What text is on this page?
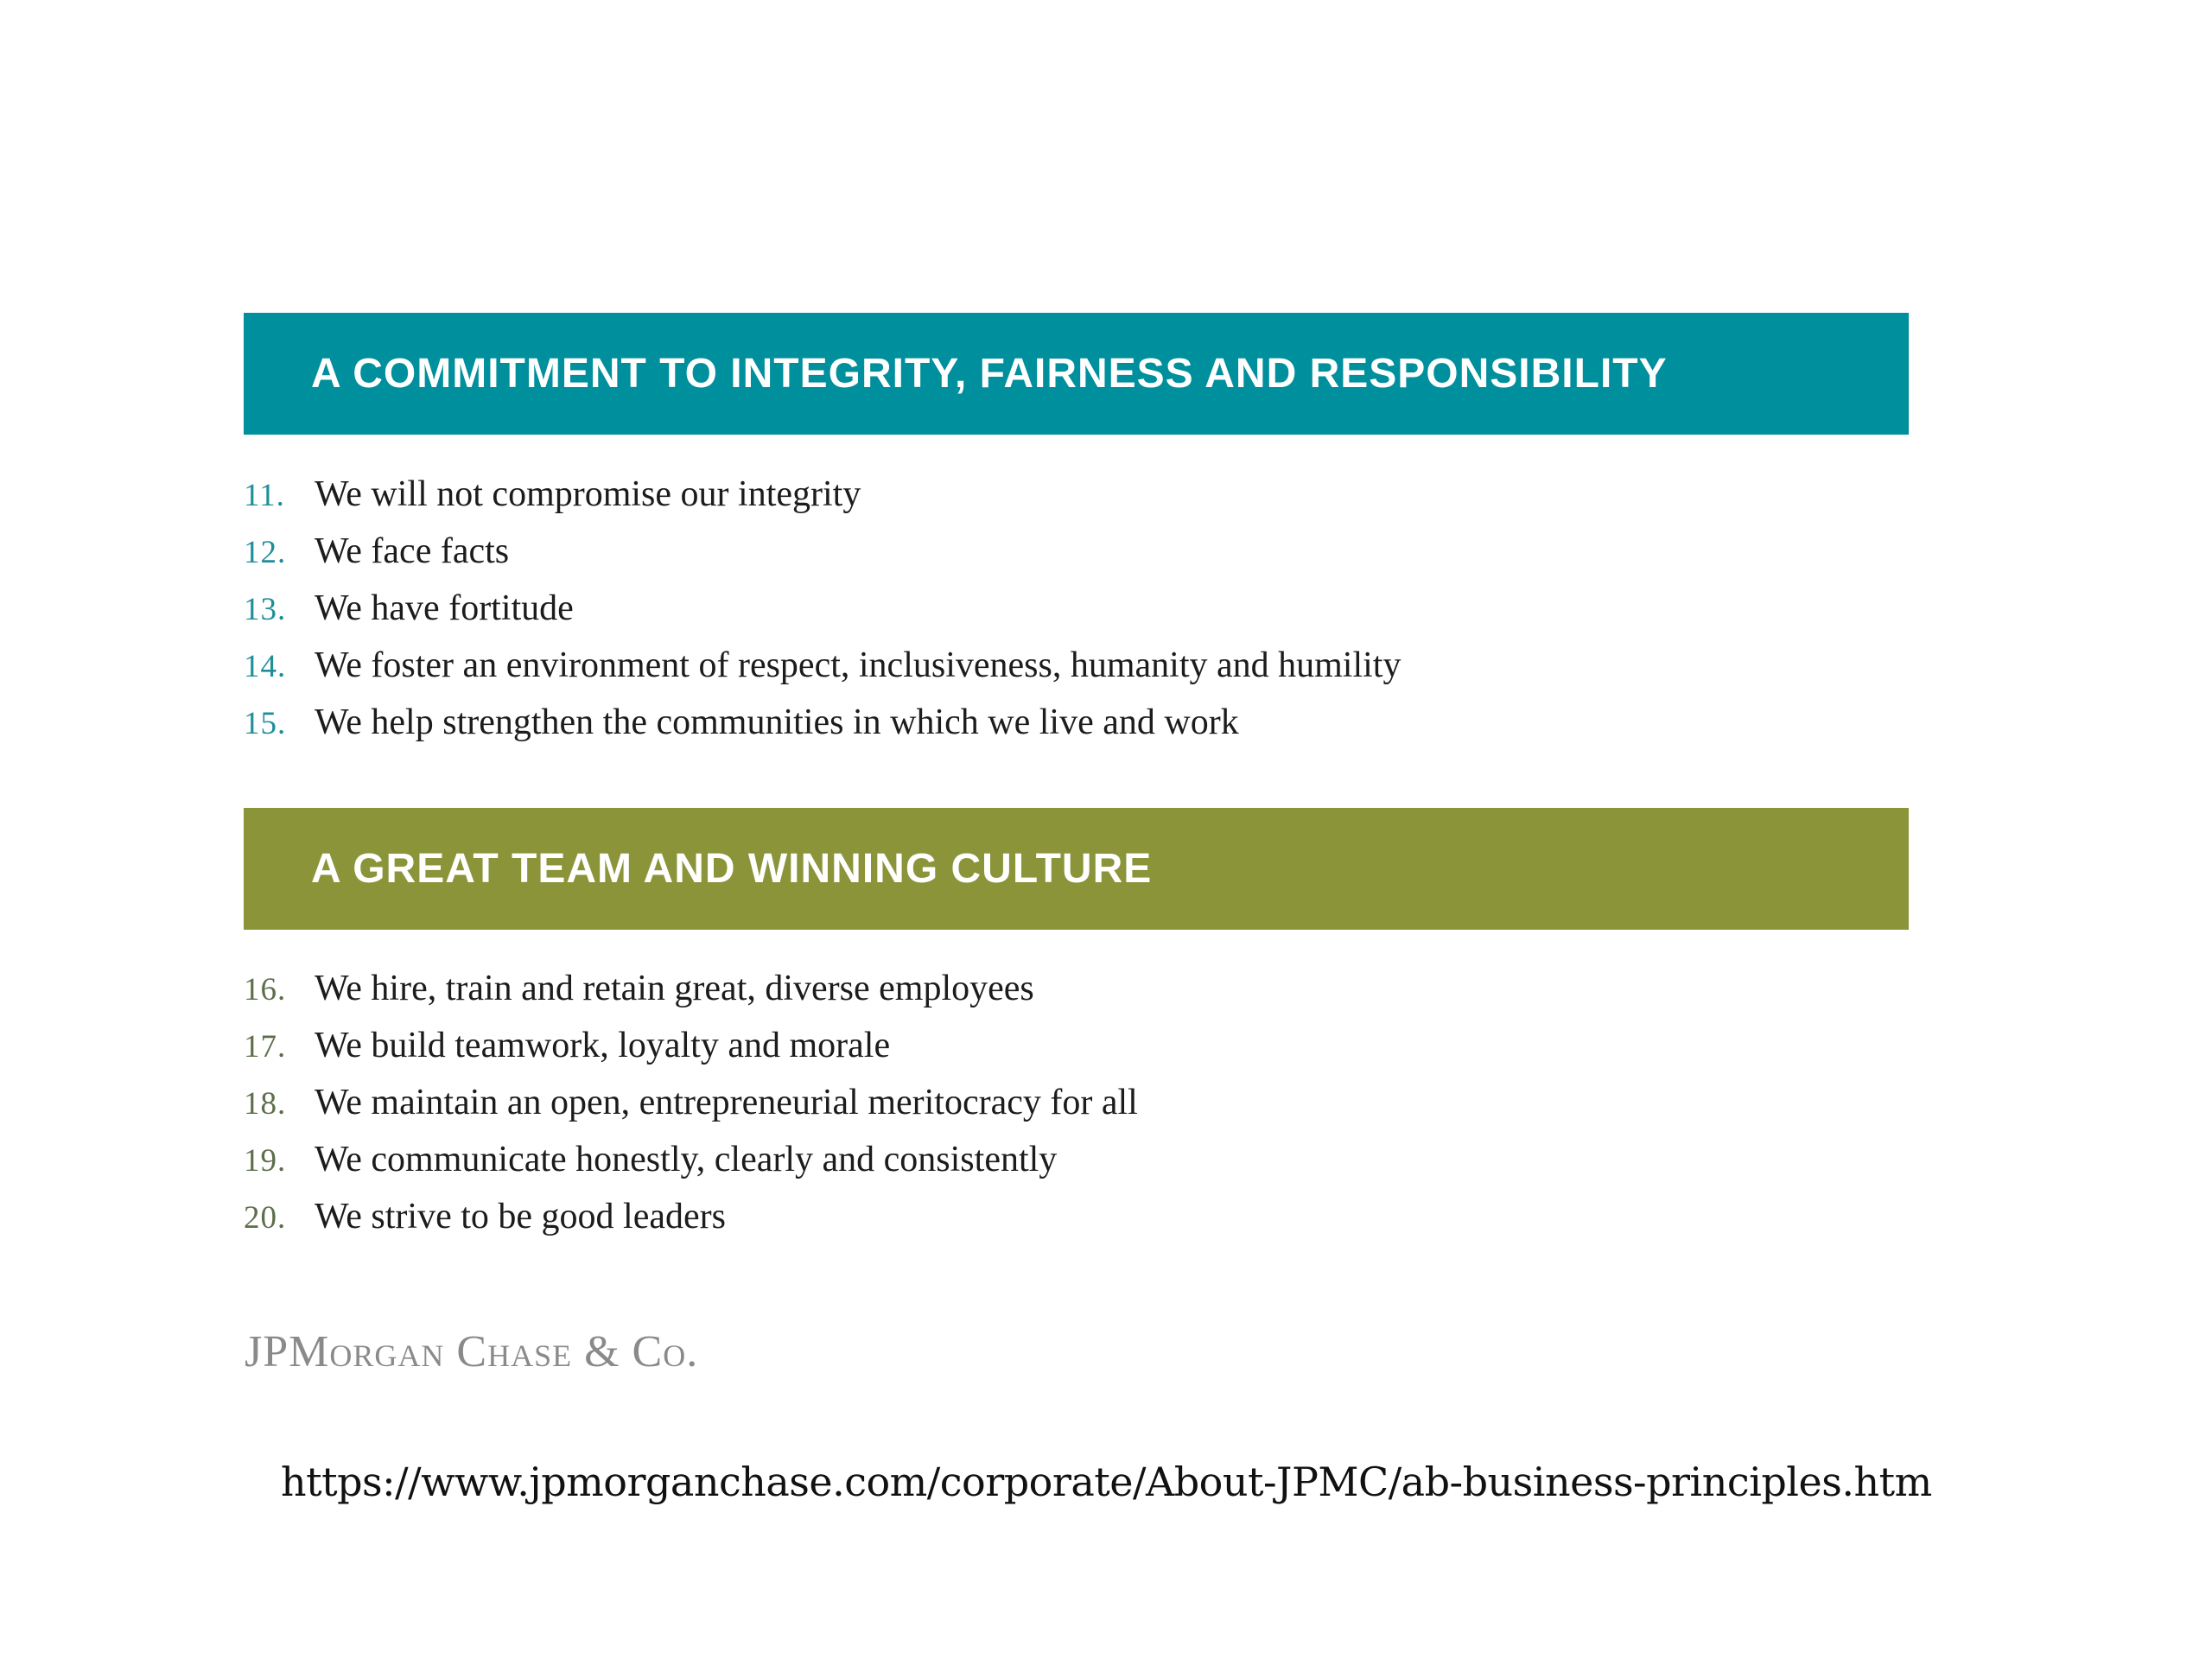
A COMMITMENT TO INTEGRITY, FAIRNESS AND RESPONSIBILITY
11. We will not compromise our integrity
12. We face facts
13. We have fortitude
14. We foster an environment of respect, inclusiveness, humanity and humility
15. We help strengthen the communities in which we live and work
A GREAT TEAM AND WINNING CULTURE
16. We hire, train and retain great, diverse employees
17. We build teamwork, loyalty and morale
18. We maintain an open, entrepreneurial meritocracy for all
19. We communicate honestly, clearly and consistently
20. We strive to be good leaders
JPMorgan Chase & Co.
https://www.jpmorganchase.com/corporate/About-JPMC/ab-business-principles.htm
